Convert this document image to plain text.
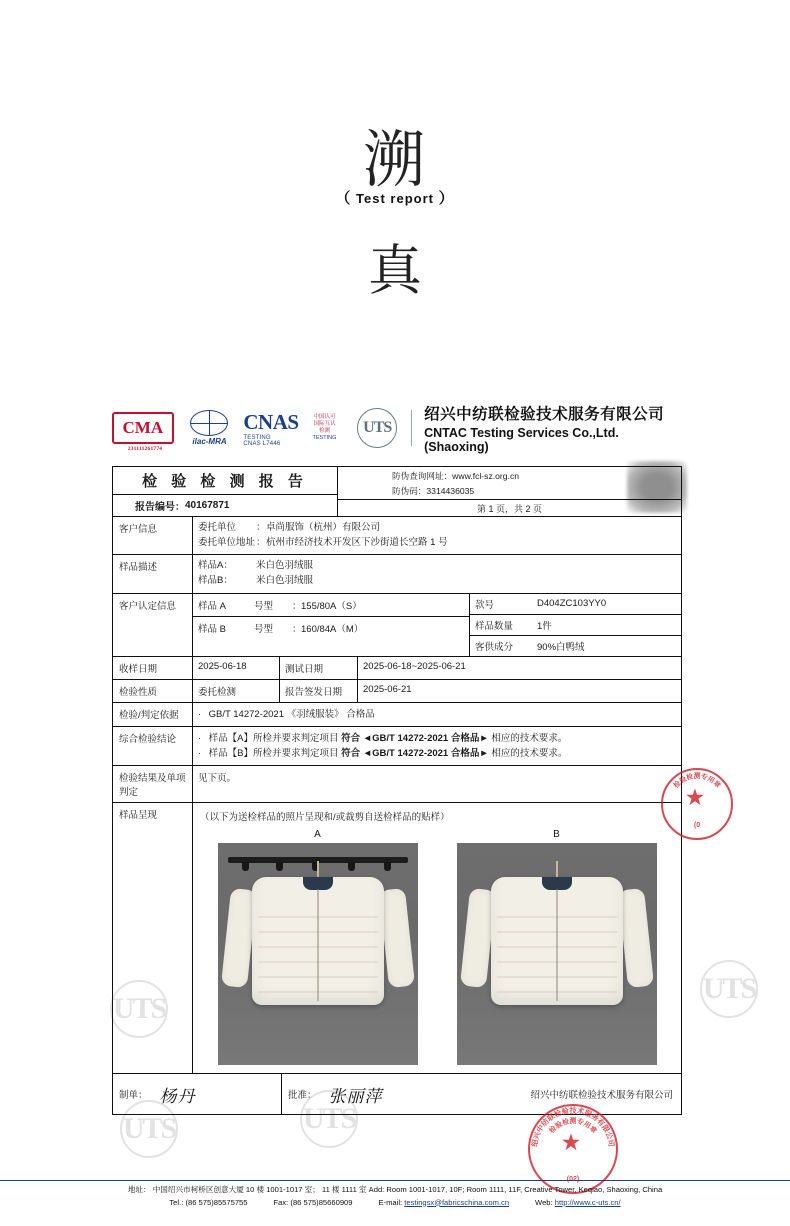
溯
（ Test report ）
真
UTS
UTS
UTS
UTS
CMA
231111261774
ilac-MRA
CNAS
TESTING
CNAS L7446
中国认可
国际互认
检测
TESTING
UTS
绍兴中纺联检验技术服务有限公司
CNTAC Testing Services Co.,Ltd.(Shaoxing)
检 验 检 测 报 告
报告编号： 40167871
防伪查询网址： www.fcl-sz.org.cn
防伪码： 3314436035
第 1 页，共 2 页
客户信息	委托单位	： 卓尚服饰（杭州）有限公司
委托单位地址 ： 杭州市经济技术开发区下沙街道长空路 1 号
样品描述	样品A：	米白色羽绒服
样品B：	米白色羽绒服
客户认定信息	样品 A	号型	： 155/80A（S）
样品 B	号型	： 160/84A（M）
款号	D404ZC103YY0
样品数量	1件
客供成分	90%白鸭绒
收样日期	2025-06-18	测试日期	2025-06-18~2025-06-21
检验性质	委托检测	报告签发日期	2025-06-21
检验/判定依据	· GB/T 14272-2021 《羽绒服装》 合格品
综合检验结论	· 样品【A】所检并要求判定项目 符合 ◄GB/T 14272-2021 合格品► 相应的技术要求。
· 样品【B】所检并要求判定项目 符合 ◄GB/T 14272-2021 合格品► 相应的技术要求。
检验结果及单项判定
见下页。
样品呈现	（以下为送检样品的照片呈现和/或裁剪自送检样品的贴样）
A	B
制单： 杨丹	批准： 张丽萍	绍兴中纺联检验技术服务有限公司
检验检测专用章
★
(0
绍兴中纺联检验技术服务有限公司
检验检测专用章
★
(02)
地址： 中国绍兴市柯桥区创意大厦 10 楼 1001-1017 室； 11 楼 1111 室 Add: Room 1001-1017, 10F; Room 1111, 11F, Creative Tower, Keqiao, Shaoxing, China
Tel.: (86 575)85575755	Fax: (86 575)85660909	E-mail: testingsx@fabricschina.com.cn	Web: http://www.c-uts.cn/
